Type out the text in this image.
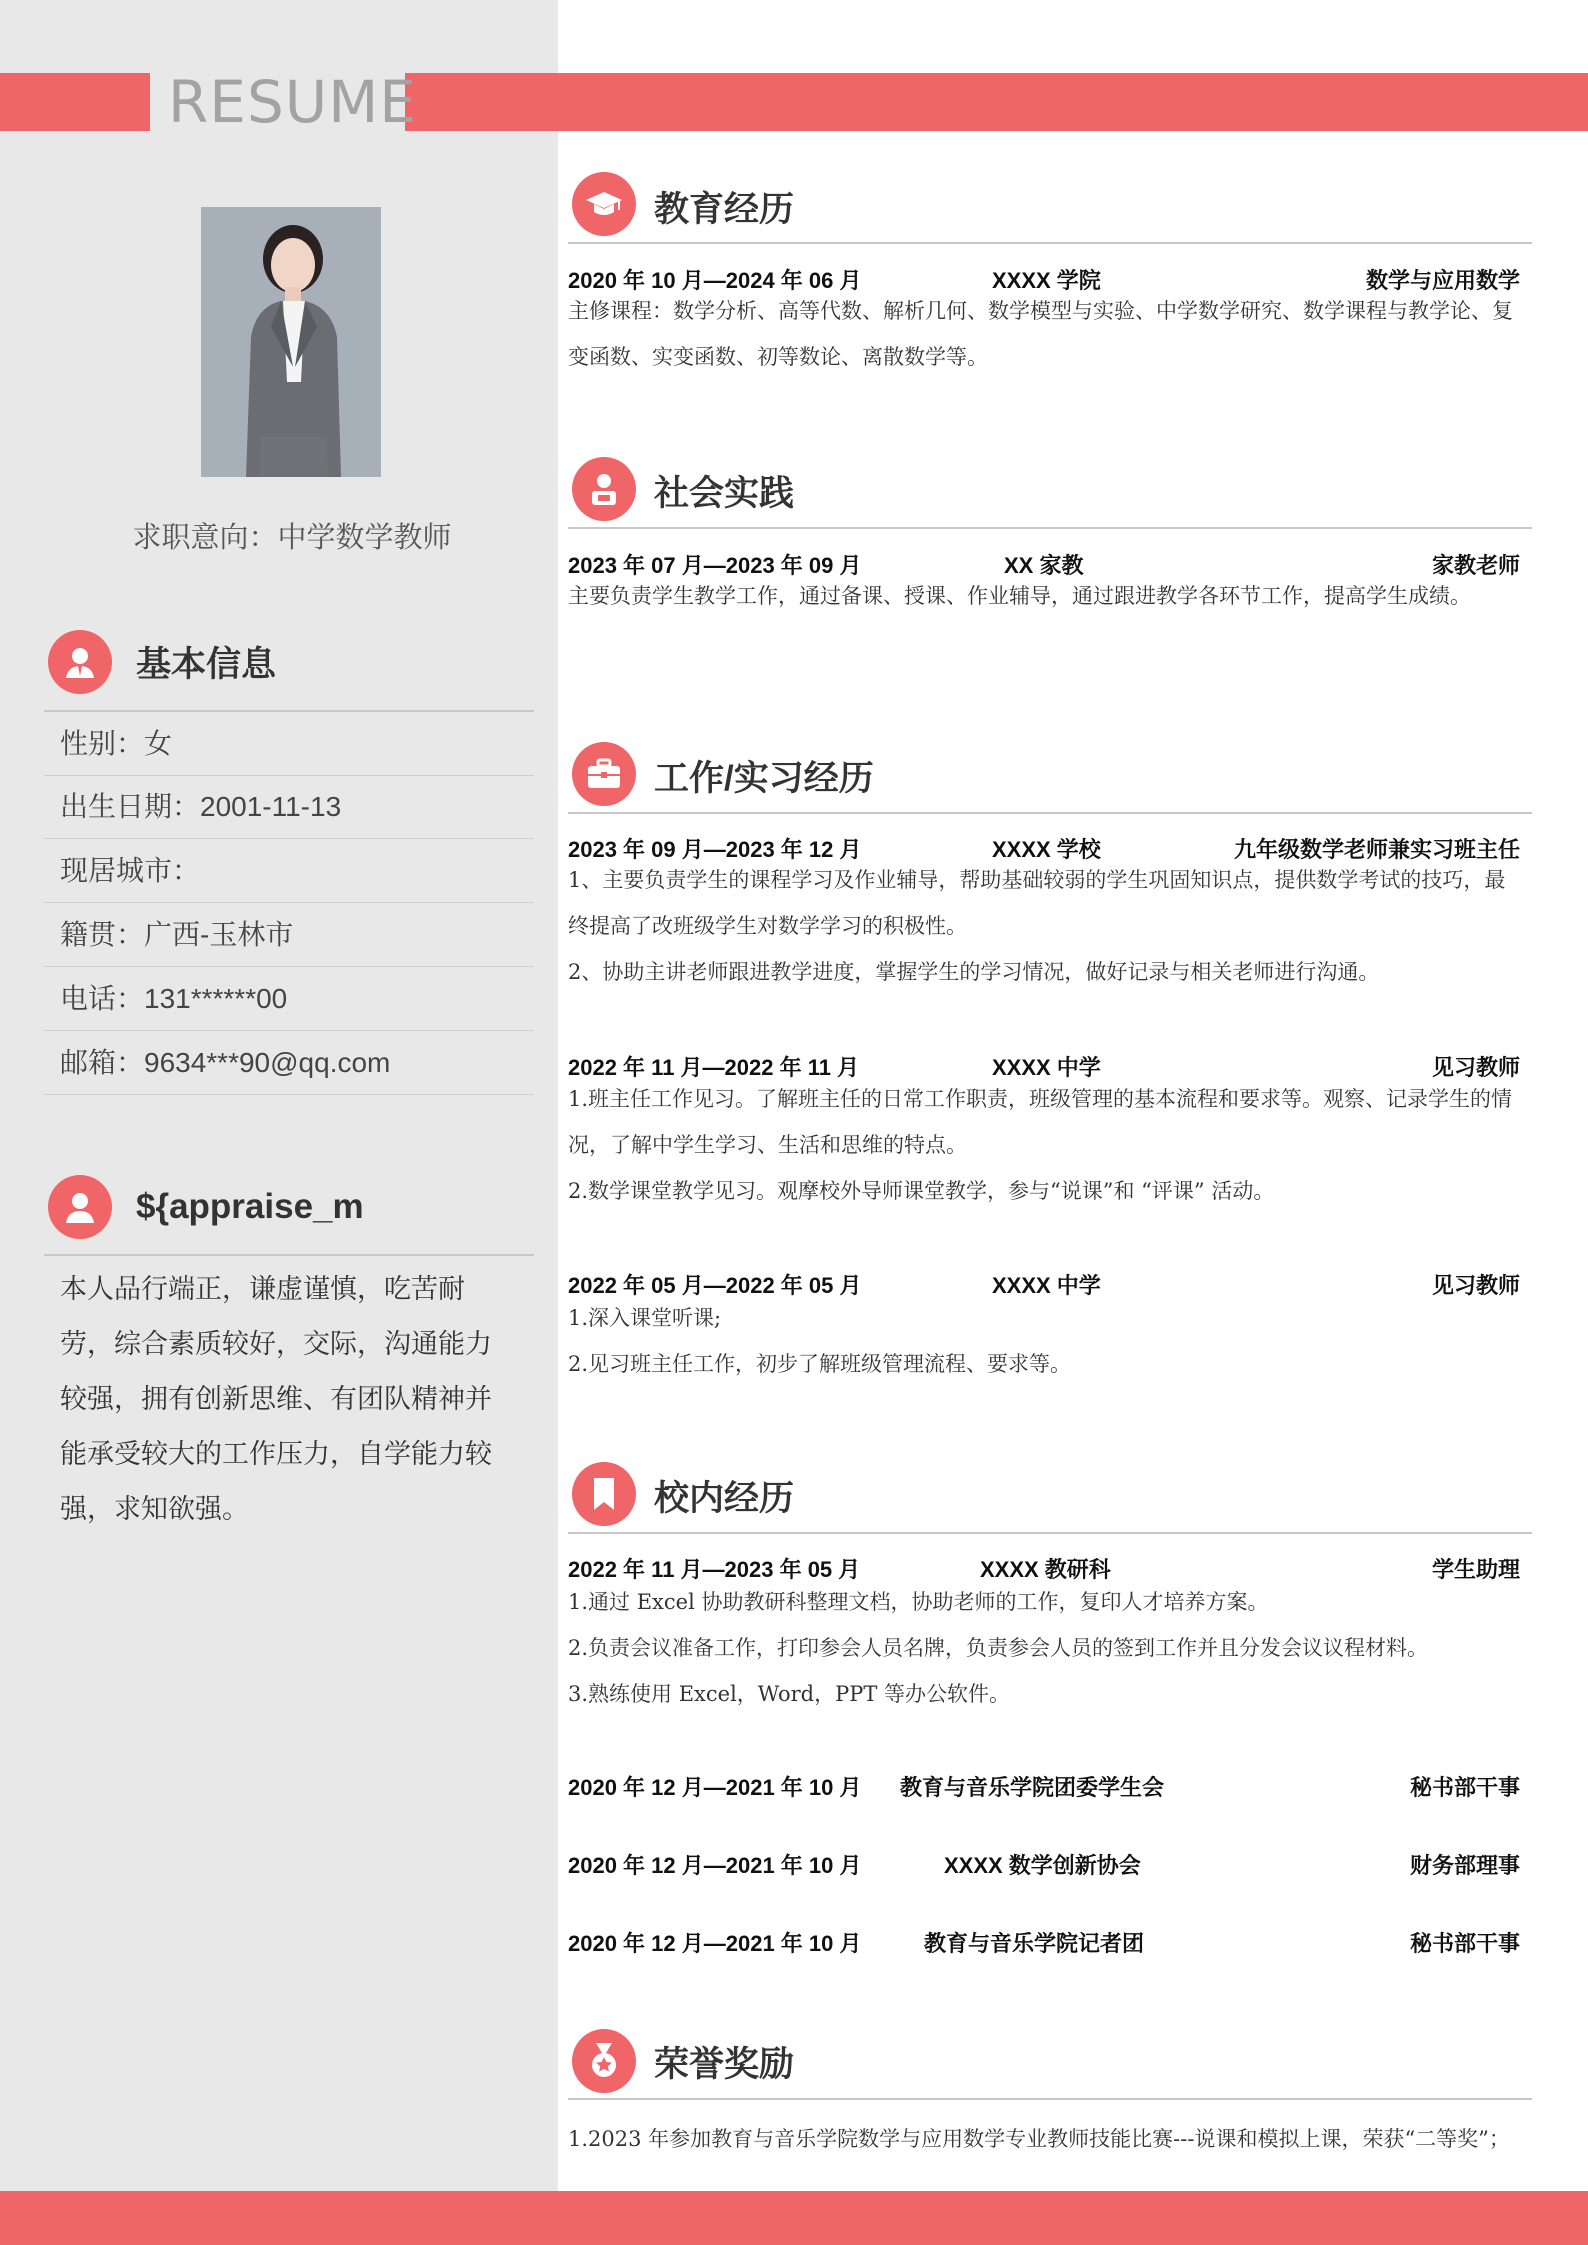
RESUME
求职意向：中学数学教师
基本信息
性别：女
出生日期：2001-11-13
现居城市：
籍贯：广西-玉林市
电话：131******00
邮箱：9634***90@qq.com
${appraise_m
本人品行端正，谦虚谨慎，吃苦耐劳，综合素质较好，交际，沟通能力较强，拥有创新思维、有团队精神并能承受较大的工作压力，自学能力较强，求知欲强。
教育经历
2020 年 10 月—2024 年 06 月	XXXX 学院	数学与应用数学

主修课程：数学分析、高等代数、解析几何、数学模型与实验、中学数学研究、数学课程与教学论、复变函数、实变函数、初等数论、离散数学等。

社会实践
2023 年 07 月—2023 年 09 月	XX 家教	家教老师

主要负责学生教学工作，通过备课、授课、作业辅导，通过跟进教学各环节工作，提高学生成绩。

工作/实习经历
2023 年 09 月—2023 年 12 月	XXXX 学校	九年级数学老师兼实习班主任

1、主要负责学生的课程学习及作业辅导，帮助基础较弱的学生巩固知识点，提供数学考试的技巧，最终提高了改班级学生对数学学习的积极性。

2、协助主讲老师跟进教学进度，掌握学生的学习情况，做好记录与相关老师进行沟通。

2022 年 11 月—2022 年 11 月	XXXX 中学	见习教师

1.班主任工作见习。了解班主任的日常工作职责，班级管理的基本流程和要求等。观察、记录学生的情况，了解中学生学习、生活和思维的特点。

2.数学课堂教学见习。观摩校外导师课堂教学，参与“说课”和 “评课” 活动。

2022 年 05 月—2022 年 05 月	XXXX 中学	见习教师

1.深入课堂听课;

2.见习班主任工作，初步了解班级管理流程、要求等。

校内经历
2022 年 11 月—2023 年 05 月	XXXX 教研科	学生助理

1.通过 Excel 协助教研科整理文档，协助老师的工作，复印人才培养方案。

2.负责会议准备工作，打印参会人员名牌，负责参会人员的签到工作并且分发会议议程材料。

3.熟练使用 Excel，Word，PPT 等办公软件。

2020 年 12 月—2021 年 10 月 教育与音乐学院团委学生会	秘书部干事
2020 年 12 月—2021 年 10 月	XXXX 数学创新协会	财务部理事
2020 年 12 月—2021 年 10 月	教育与音乐学院记者团	秘书部干事
荣誉奖励

1.2023 年参加教育与音乐学院数学与应用数学专业教师技能比赛---说课和模拟上课，荣获“二等奖”；
